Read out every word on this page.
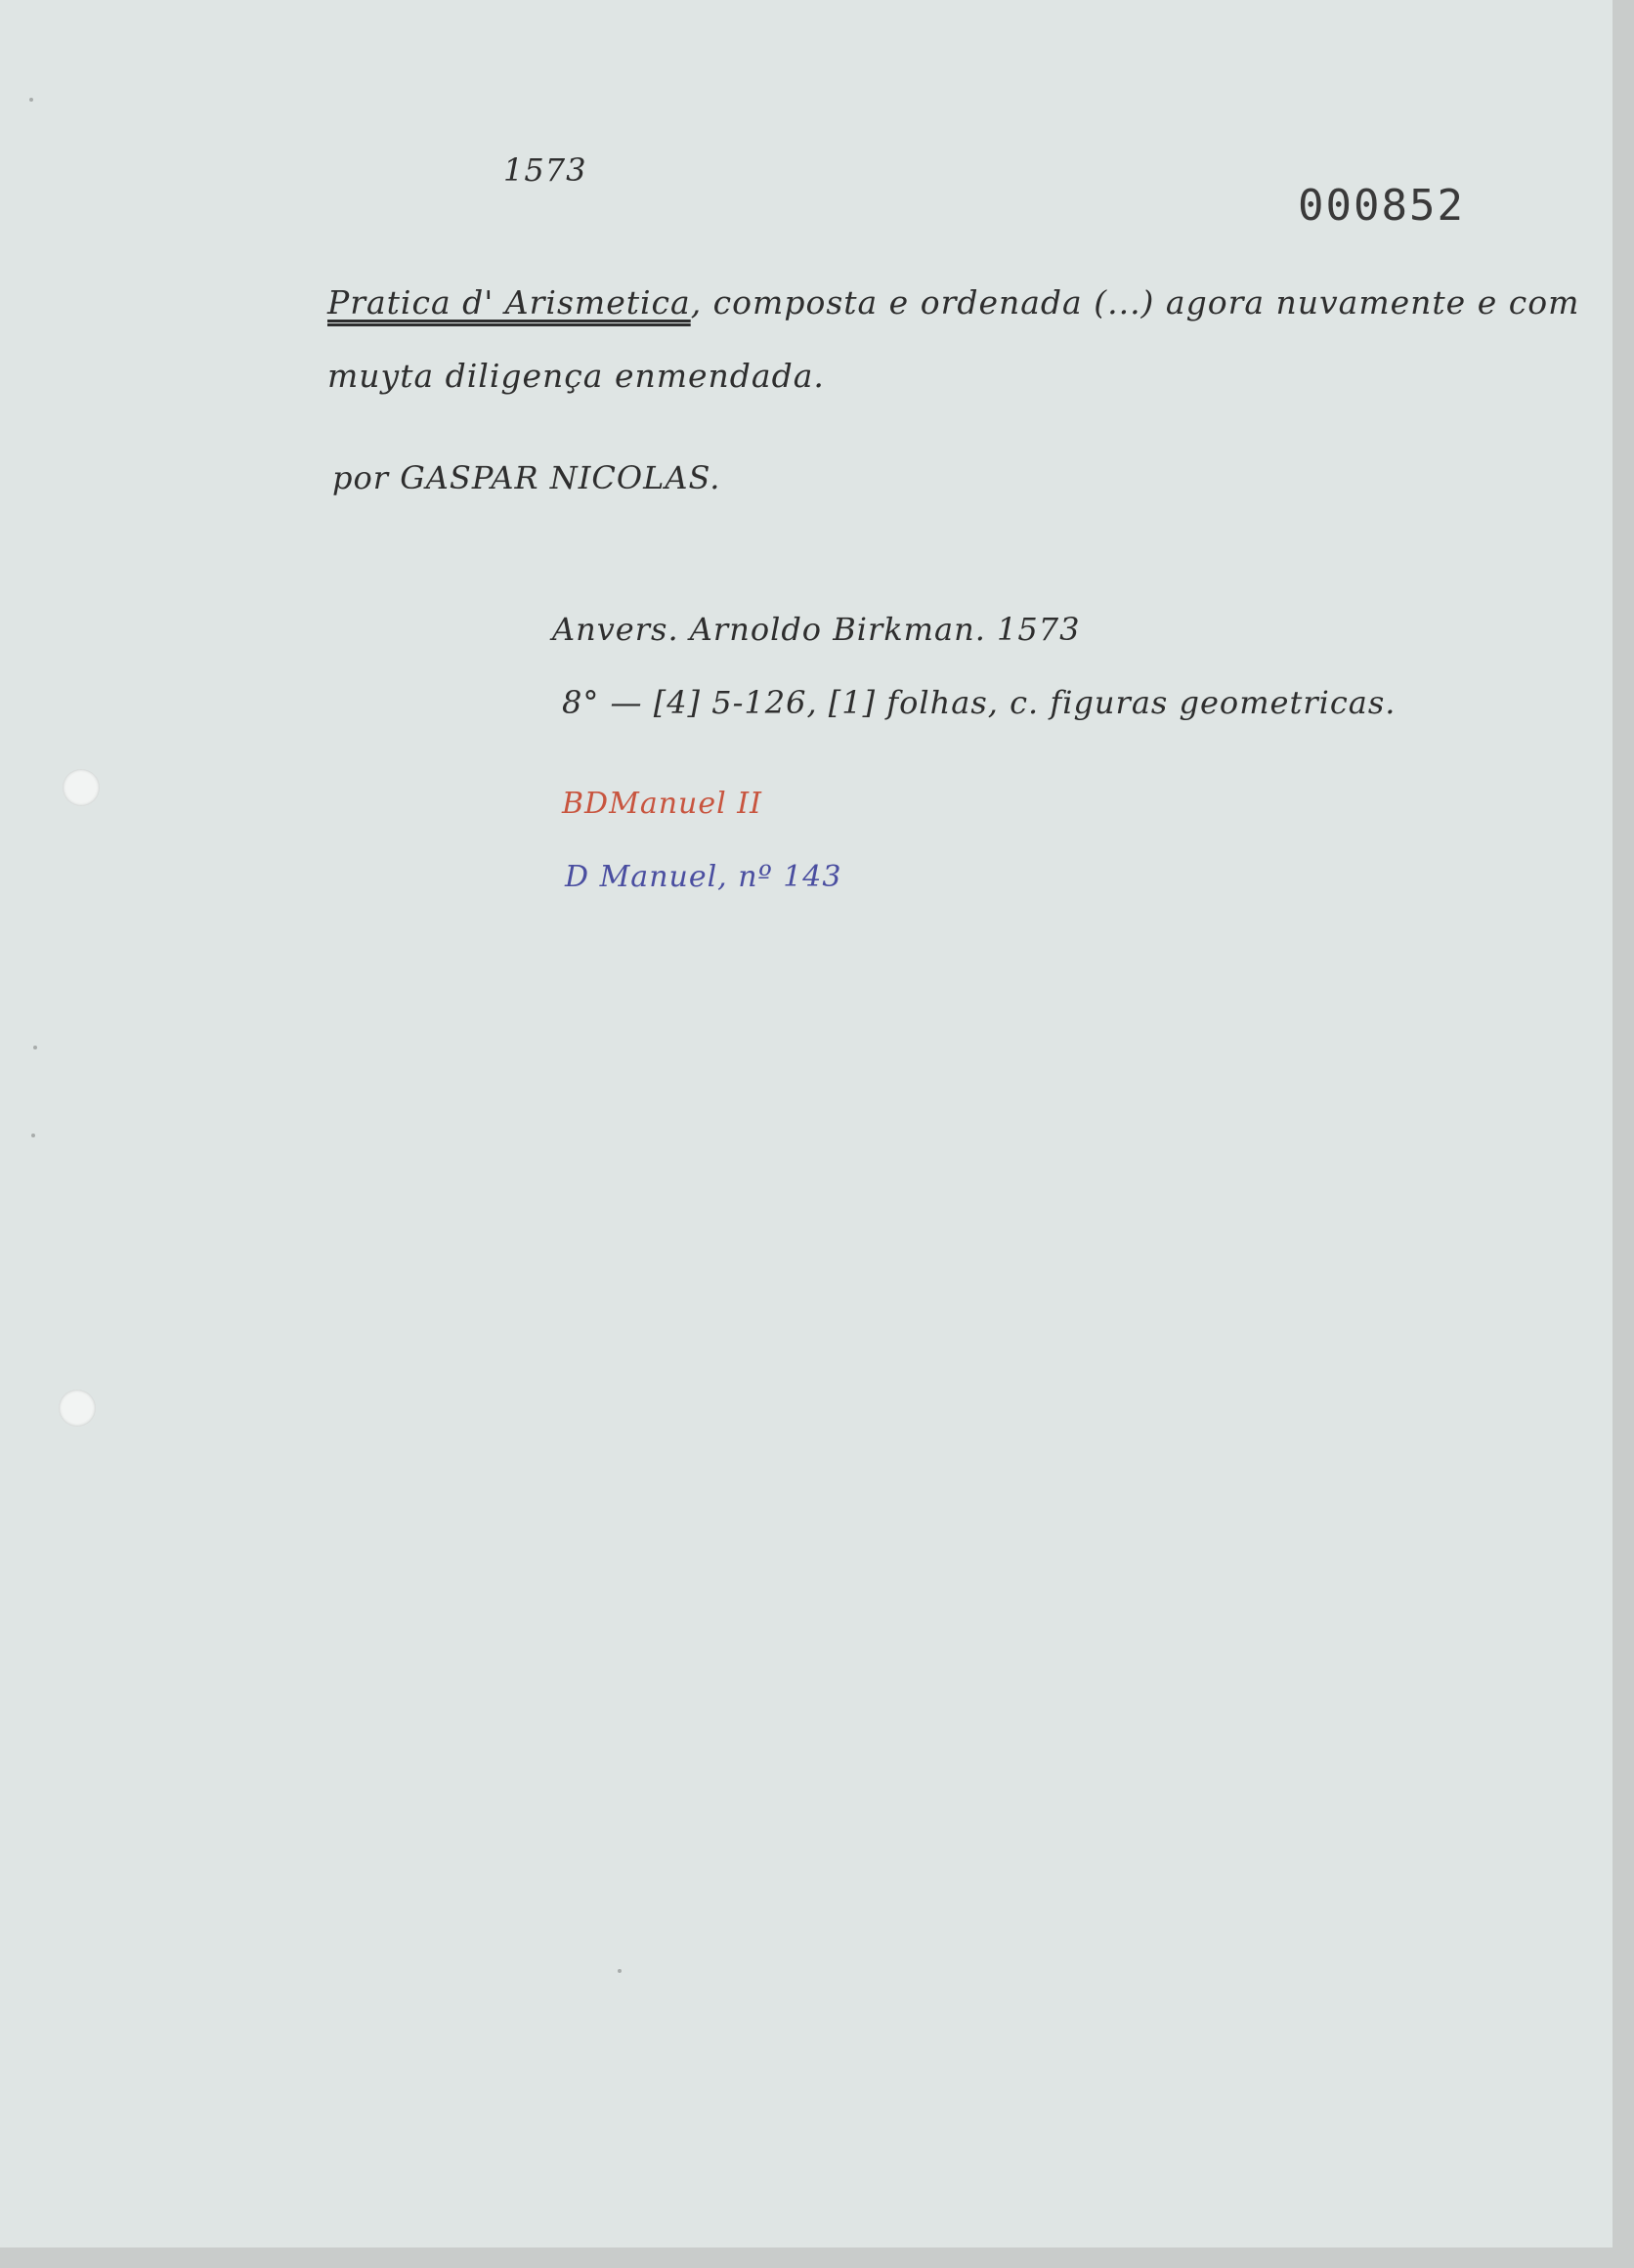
1573
000852
Pratica d' Arismetica, composta e ordenada (...) agora nuvamente e com
muyta diligença enmendada.
por GASPAR NICOLAS.
Anvers. Arnoldo Birkman. 1573
8° — [4] 5-126, [1] folhas, c. figuras geometricas.
BDManuel II
D Manuel, nº 143
